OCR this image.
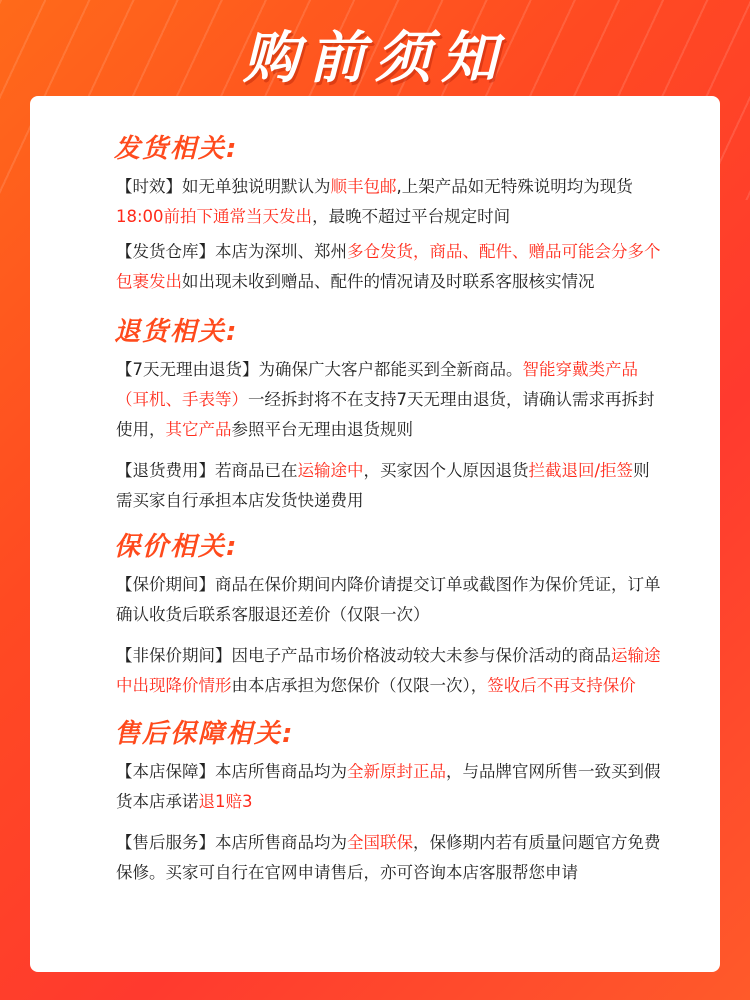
购前须知
发货相关:

【时效】如无单独说明默认为顺丰包邮,上架产品如无特殊说明均为现货18:00前拍下通常当天发出，最晚不超过平台规定时间

【发货仓库】本店为深圳、郑州多仓发货，商品、配件、赠品可能会分多个包裹发出如出现未收到赠品、配件的情况请及时联系客服核实情况

退货相关:

【7天无理由退货】为确保广大客户都能买到全新商品。智能穿戴类产品（耳机、手表等）一经拆封将不在支持7天无理由退货，请确认需求再拆封使用，其它产品参照平台无理由退货规则

【退货费用】若商品已在运输途中，买家因个人原因退货拦截退回/拒签则需买家自行承担本店发货快递费用

保价相关:

【保价期间】商品在保价期间内降价请提交订单或截图作为保价凭证，订单确认收货后联系客服退还差价（仅限一次）

【非保价期间】因电子产品市场价格波动较大未参与保价活动的商品运输途中出现降价情形由本店承担为您保价（仅限一次），签收后不再支持保价

售后保障相关:

【本店保障】本店所售商品均为全新原封正品，与品牌官网所售一致买到假货本店承诺退1赔3

【售后服务】本店所售商品均为全国联保，保修期内若有质量问题官方免费保修。买家可自行在官网申请售后，亦可咨询本店客服帮您申请
